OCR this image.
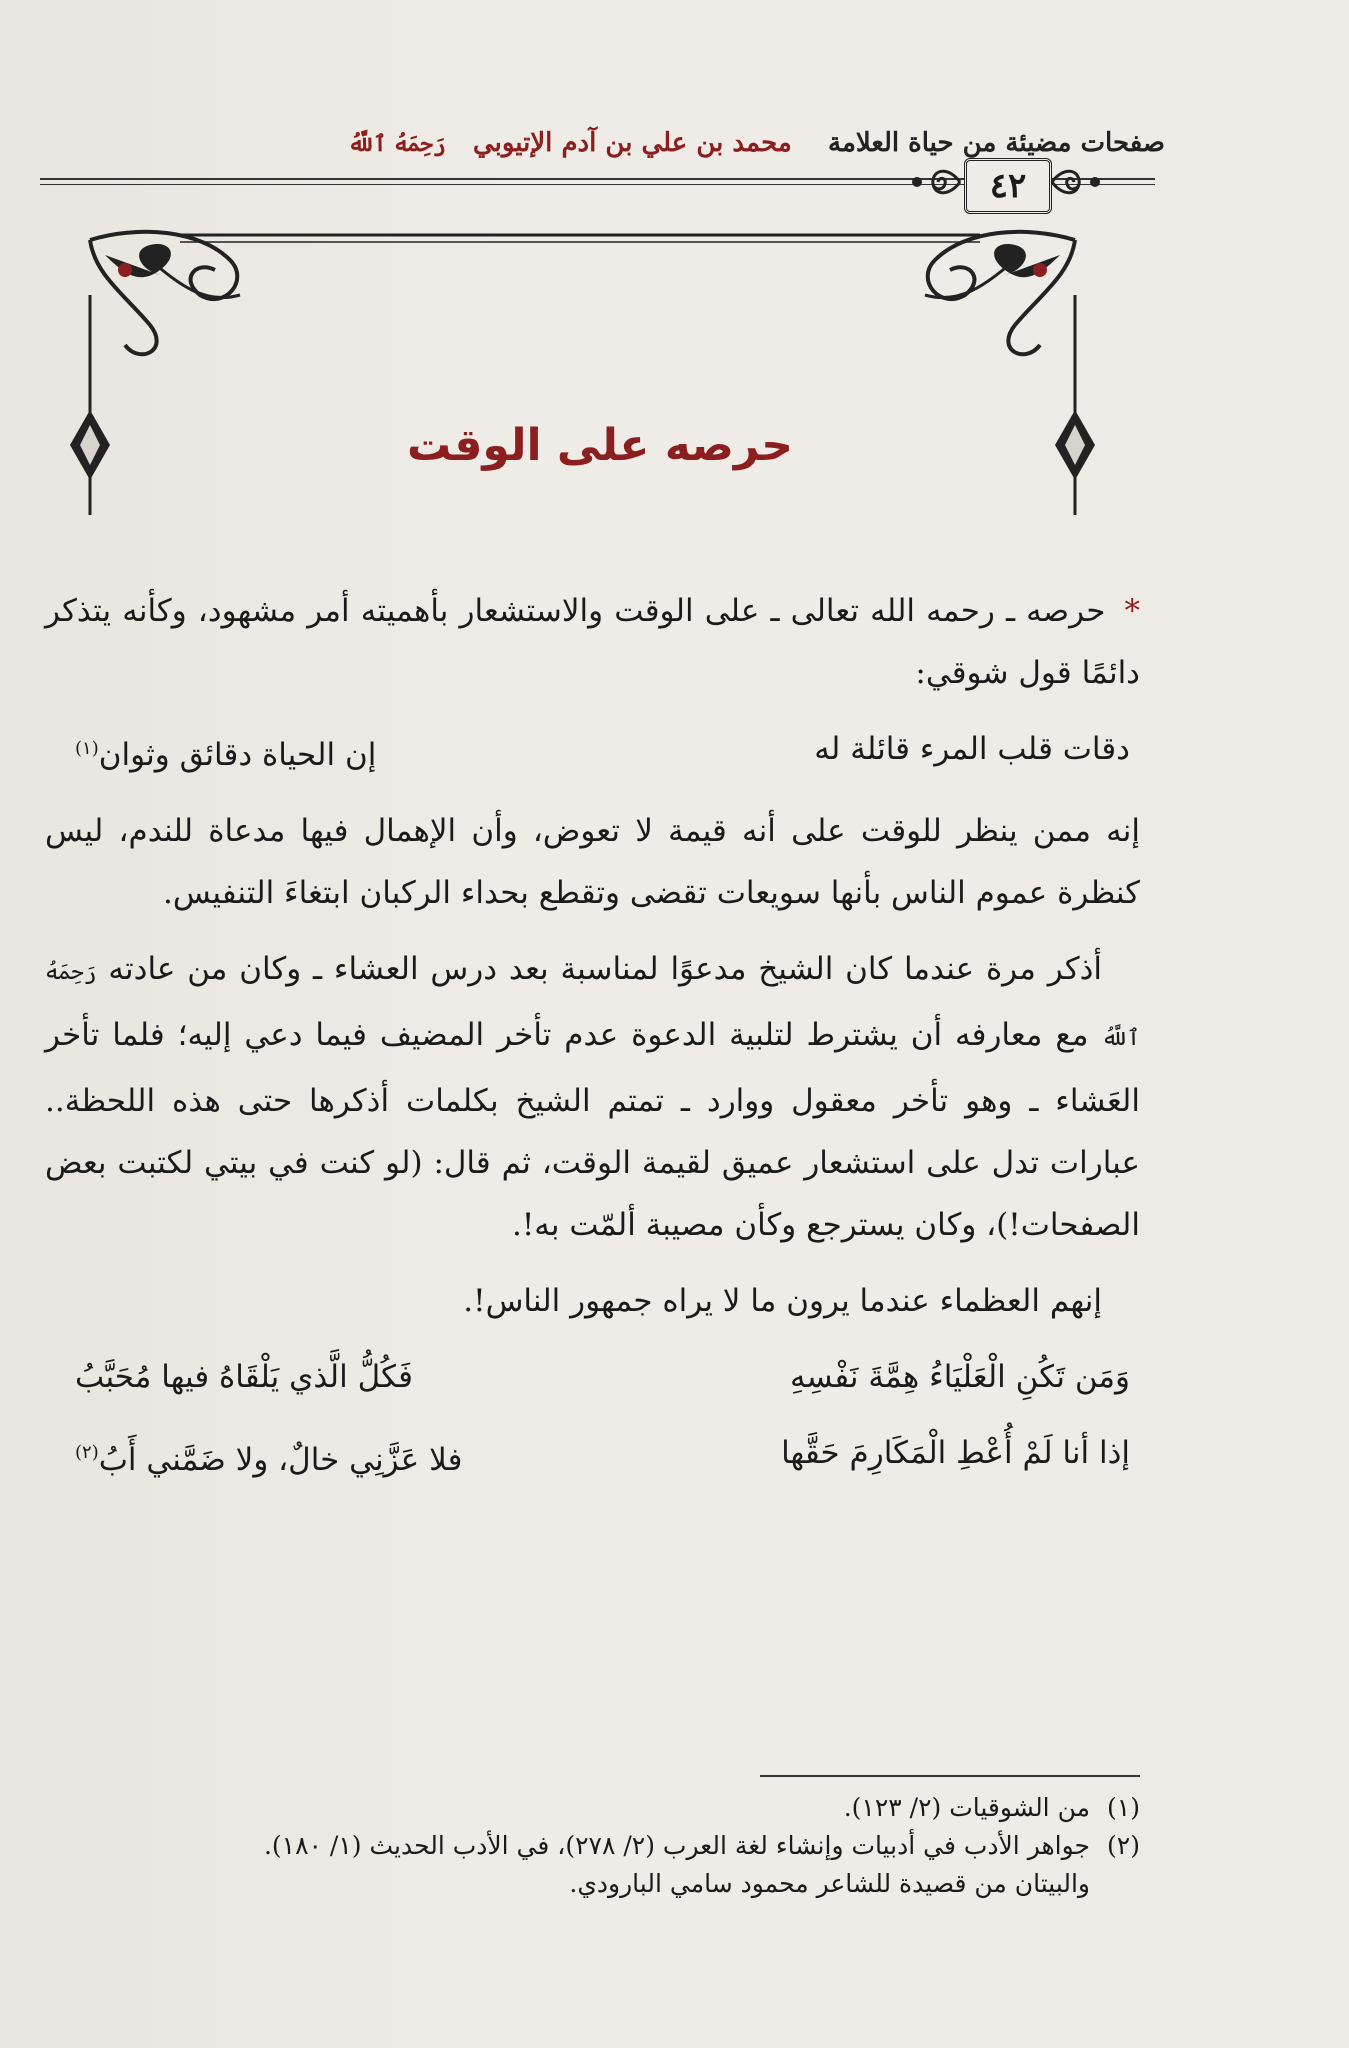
صفحات مضيئة من حياة العلامة    محمد بن علي بن آدم الإتيوبي   رَحِمَهُ ٱللَّهُ
٤٢
حرصه على الوقت

* حرصه ـ رحمه الله تعالى ـ على الوقت والاستشعار بأهميته أمر مشهود، وكأنه يتذكر دائمًا قول شوقي:

دقات قلب المرء قائلة له
إن الحياة دقائق وثوان(١)

إنه ممن ينظر للوقت على أنه قيمة لا تعوض، وأن الإهمال فيها مدعاة للندم، ليس كنظرة عموم الناس بأنها سويعات تقضى وتقطع بحداء الركبان ابتغاءَ التنفيس.

أذكر مرة عندما كان الشيخ مدعوًا لمناسبة بعد درس العشاء ـ وكان من عادته رَحِمَهُ ٱللَّهُ مع معارفه أن يشترط لتلبية الدعوة عدم تأخر المضيف فيما دعي إليه؛ فلما تأخر العَشاء ـ وهو تأخر معقول ووارد ـ تمتم الشيخ بكلمات أذكرها حتى هذه اللحظة.. عبارات تدل على استشعار عميق لقيمة الوقت، ثم قال: (لو كنت في بيتي لكتبت بعض الصفحات!)، وكان يسترجع وكأن مصيبة ألمّت به!.

إنهم العظماء عندما يرون ما لا يراه جمهور الناس!.

وَمَن تَكُنِ الْعَلْيَاءُ هِمَّةَ نَفْسِهِ
فَكُلُّ الَّذي يَلْقَاهُ فيها مُحَبَّبُ
إذا أنا لَمْ أُعْطِ الْمَكَارِمَ حَقَّها
فلا عَزَّنِي خالٌ، ولا ضَمَّني أَبُ(٢)
(١)
من الشوقيات (٢/ ١٢٣).
(٢)
جواهر الأدب في أدبيات وإنشاء لغة العرب (٢/ ٢٧٨)، في الأدب الحديث (١/ ١٨٠).
والبيتان من قصيدة للشاعر محمود سامي البارودي.
